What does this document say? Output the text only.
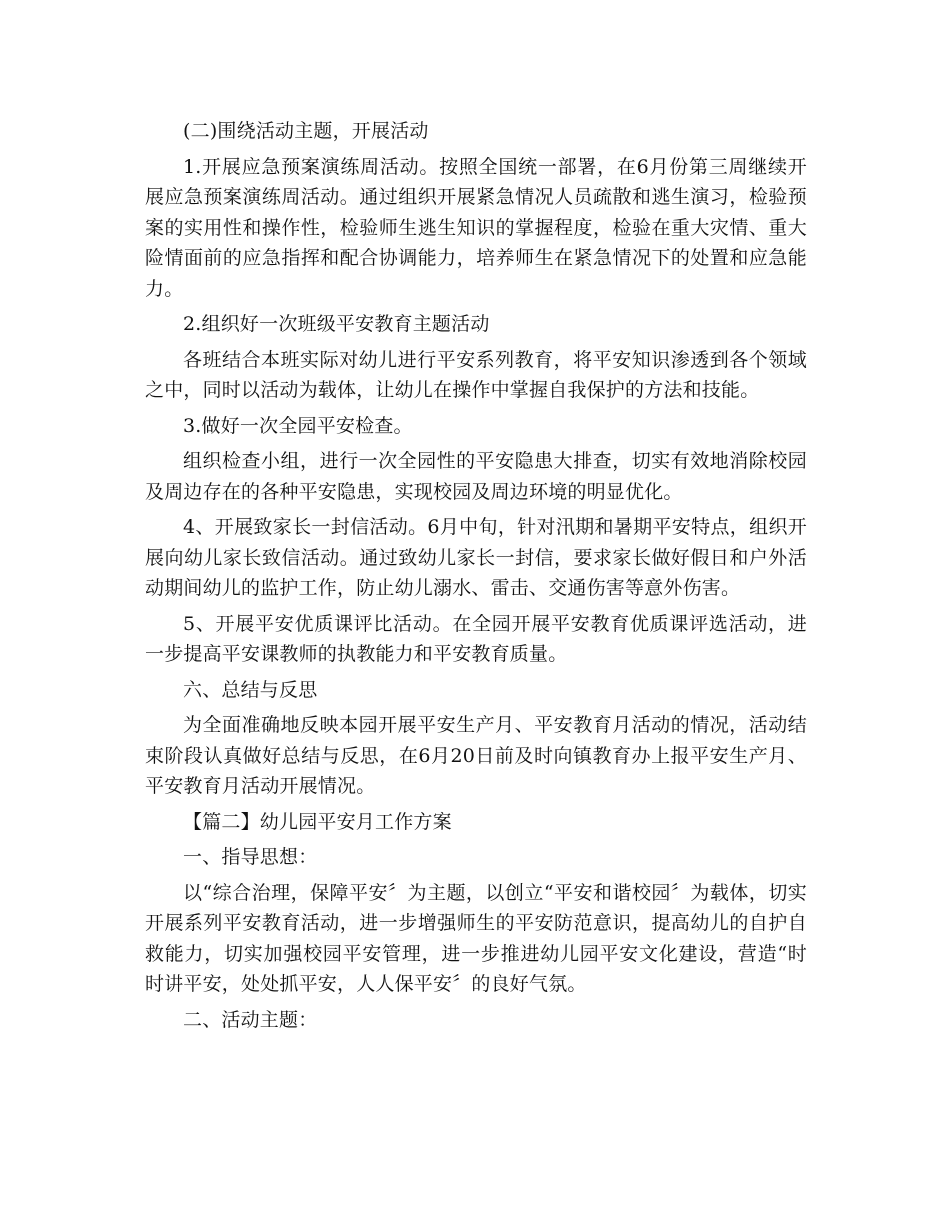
(二)围绕活动主题，开展活动

1.开展应急预案演练周活动。按照全国统一部署，在6月份第三周继续开展应急预案演练周活动。通过组织开展紧急情况人员疏散和逃生演习，检验预案的实用性和操作性，检验师生逃生知识的掌握程度，检验在重大灾情、重大险情面前的应急指挥和配合协调能力，培养师生在紧急情况下的处置和应急能力。

2.组织好一次班级平安教育主题活动

各班结合本班实际对幼儿进行平安系列教育，将平安知识渗透到各个领域之中，同时以活动为载体，让幼儿在操作中掌握自我保护的方法和技能。

3.做好一次全园平安检查。

组织检查小组，进行一次全园性的平安隐患大排查，切实有效地消除校园及周边存在的各种平安隐患，实现校园及周边环境的明显优化。

4、开展致家长一封信活动。6月中旬，针对汛期和暑期平安特点，组织开展向幼儿家长致信活动。通过致幼儿家长一封信，要求家长做好假日和户外活动期间幼儿的监护工作，防止幼儿溺水、雷击、交通伤害等意外伤害。

5、开展平安优质课评比活动。在全园开展平安教育优质课评选活动，进一步提高平安课教师的执教能力和平安教育质量。

六、总结与反思

为全面准确地反映本园开展平安生产月、平安教育月活动的情况，活动结束阶段认真做好总结与反思，在6月20日前及时向镇教育办上报平安生产月、平安教育月活动开展情况。

【篇二】幼儿园平安月工作方案

一、指导思想：

以“综合治理，保障平安〞为主题，以创立“平安和谐校园〞为载体，切实开展系列平安教育活动，进一步增强师生的平安防范意识，提高幼儿的自护自救能力，切实加强校园平安管理，进一步推进幼儿园平安文化建设，营造“时时讲平安，处处抓平安，人人保平安〞的良好气氛。

二、活动主题：
